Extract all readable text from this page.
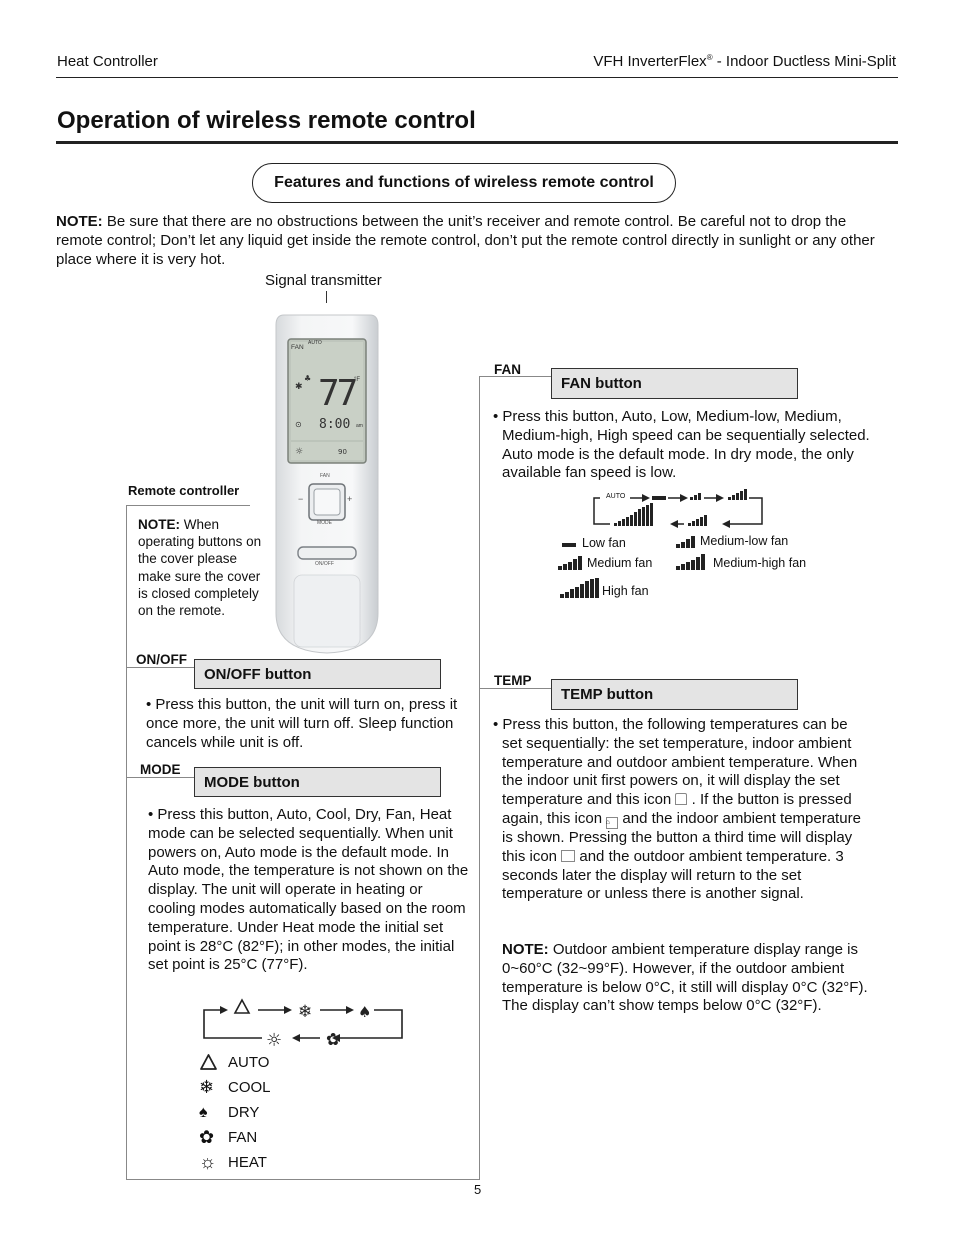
Heat Controller	VFH InverterFlex® - Indoor Ductless Mini-Split
Operation of wireless remote control
Features and functions of wireless remote control
NOTE: Be sure that there are no obstructions between the unit’s receiver and remote control. Be careful not to drop the remote control; Don’t let any liquid get inside the remote control, don’t put the remote control directly in sunlight or any other place where it is very hot.
Signal transmitter
♣
✱
☼	90
⊙
FAN
AUTO
77
°F
8:00 am
FAN
−	+
MODE
ON/OFF
Remote controller
NOTE: When operating buttons on the cover please make sure the cover is closed completely on the remote.
ON/OFF
ON/OFF button
• Press this button, the unit will turn on, press it once more, the unit will turn off. Sleep function cancels while unit is off.
MODE
MODE button
• Press this button, Auto, Cool, Dry, Fan, Heat mode can be selected sequentially. When unit powers on, Auto mode is the default mode. In Auto mode, the temperature is not shown on the display. The unit will operate in heating or cooling modes automatically based on the room temperature. Under Heat mode the initial set point is 28°C (82°F); in other modes, the initial set point is 25°C (77°F).
❄	♠
✿
☼
AUTO
❄ COOL
♠	DRY
✿ FAN
☼ HEAT
FAN
FAN button
• Press this button, Auto, Low, Medium-low, Medium, Medium-high, High speed can be sequentially selected. Auto mode is the default mode. In dry mode, the only available fan speed is low.
AUTO
Low fan	Medium-low fan
Medium fan	Medium-high fan
High fan
TEMP
TEMP button
• Press this button, the following temperatures can be set sequentially: the set temperature, indoor ambient temperature and outdoor ambient temperature. When the indoor unit first powers on, it will display the set temperature and this icon . If the button is pressed again, this icon ⌂ and the indoor ambient temperature is shown. Pressing the button a third time will display this icon and the outdoor ambient temperature. 3 seconds later the display will return to the set temperature or unless there is another signal.
NOTE: Outdoor ambient temperature display range is 0~60°C (32~99°F). However, if the outdoor ambient temperature is below 0°C, it still will display 0°C (32°F). The display can’t show temps below 0°C (32°F).
5
